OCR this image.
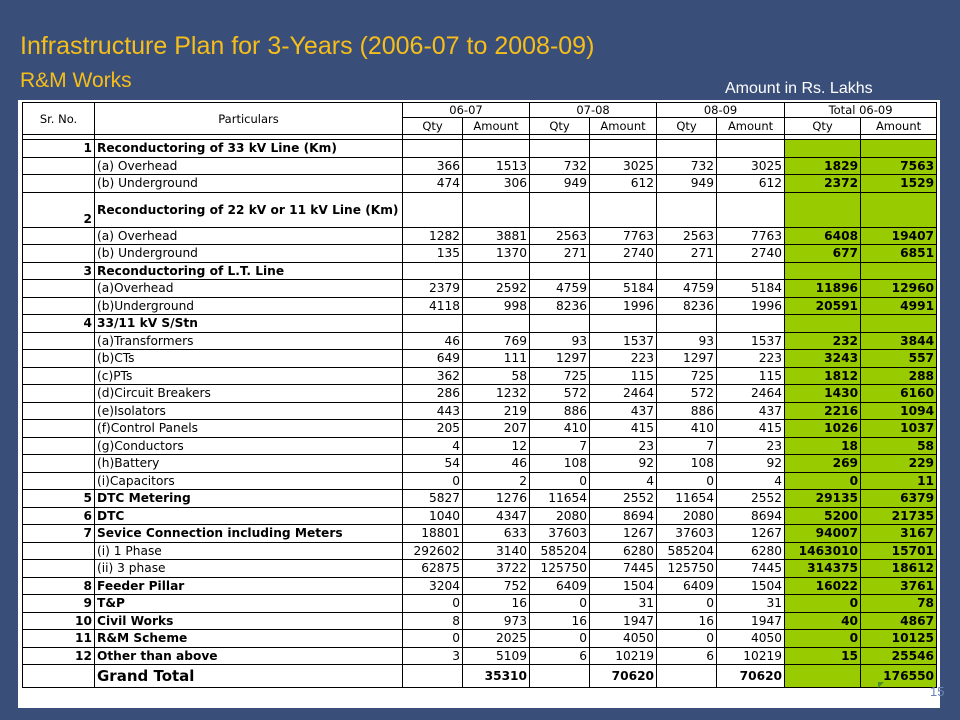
Infrastructure Plan for 3-Years (2006-07 to 2008-09)
R&M Works	Amount in Rs. Lakhs
Sr. No.	Particulars	06-07		07-08		08-09		Total 06-09	
		Qty	Amount	Qty	Amount	Qty	Amount	Qty	Amount

1	Reconductoring of 33 kV Line (Km)								
	(a) Overhead	366	1513	732	3025	732	3025	1829	7563
	(b) Underground	474	306	949	612	949	612	2372	1529
2	Reconductoring of 22 kV or 11 kV Line (Km)								
	(a) Overhead	1282	3881	2563	7763	2563	7763	6408	19407
	(b) Underground	135	1370	271	2740	271	2740	677	6851
3	Reconductoring of L.T. Line								
	(a)Overhead	2379	2592	4759	5184	4759	5184	11896	12960
	(b)Underground	4118	998	8236	1996	8236	1996	20591	4991
4	33/11 kV S/Stn								
	(a)Transformers	46	769	93	1537	93	1537	232	3844
	(b)CTs	649	111	1297	223	1297	223	3243	557
	(c)PTs	362	58	725	115	725	115	1812	288
	(d)Circuit Breakers	286	1232	572	2464	572	2464	1430	6160
	(e)Isolators	443	219	886	437	886	437	2216	1094
	(f)Control Panels	205	207	410	415	410	415	1026	1037
	(g)Conductors	4	12	7	23	7	23	18	58
	(h)Battery	54	46	108	92	108	92	269	229
	(i)Capacitors	0	2	0	4	0	4	0	11
5	DTC Metering	5827	1276	11654	2552	11654	2552	29135	6379
6	DTC	1040	4347	2080	8694	2080	8694	5200	21735
7	Sevice Connection including Meters	18801	633	37603	1267	37603	1267	94007	3167
	(i) 1 Phase	292602	3140	585204	6280	585204	6280	1463010	15701
	(ii) 3 phase	62875	3722	125750	7445	125750	7445	314375	18612
8	Feeder Pillar	3204	752	6409	1504	6409	1504	16022	3761
9	T&P	0	16	0	31	0	31	0	78
10	Civil Works	8	973	16	1947	16	1947	40	4867
11	R&M Scheme	0	2025	0	4050	0	4050	0	10125
12	Other than above	3	5109	6	10219	6	10219	15	25546
	Grand Total		35310		70620		70620		176550
15
